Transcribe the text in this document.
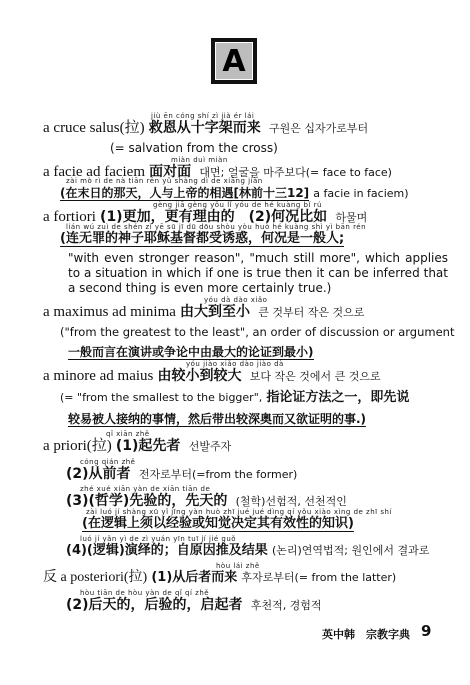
A
jiù ēn cóng shí zì jià ér lái
a cruce salus(拉) 救恩从十字架而来 구원은 십자가로부터
(= salvation from the cross)
miàn duì miàn
a facie ad faciem 面对面 대면; 얼굴을 마주보다(= face to face)
zài mò rì de nà tiān rén yǔ shàng dì de xiāng jiàn
(在末日的那天，人与上帝的相遇[林前十三12] a facie in faciem)
gèng jiā gèng yǒu lǐ yóu de hé kuàng bǐ rú
a fortiori (1)更加，更有理由的　(2)何况比如 하물며
lián wú zuì de shén zǐ yē sū jī dū dōu shòu yòu huò hé kuàng shì yì bān rén
(连无罪的神子耶稣基督都受诱惑，何况是一般人;
"with even stronger reason", "much still more", which applies to a situation in which if one is true then it can be inferred that a second thing is even more certainly true.)
yóu dà dào xiǎo
a maximus ad minima 由大到至小 큰 것부터 작은 것으로
("from the greatest to the least", an order of discussion or argument
一般而言在演讲或争论中由最大的论证到最小)
yóu jiào xiǎo dào jiào dà
a minore ad maius 由较小到较大 보다 작은 것에서 큰 것으로
(= "from the smallest to the bigger", 指论证方法之一，即先说
较易被人接纳的事情，然后带出较深奥而又欲证明的事.)
qǐ xiān zhě
a priori(拉) (1)起先者 선발주자
cóng qián zhě
(2)从前者 전자로부터(=from the former)
zhé xué xiān yàn de xiān tiān de
(3)(哲学)先验的，先天的 (철학)선험적, 선천적인
zài luó jí shàng xū yǐ jīng yàn huò zhī jué jué dìng qí yǒu xiào xìng de zhī shí
(在逻辑上须以经验或知觉决定其有效性的知识)
luó jí yǎn yì de zì yuán yīn tuī jí jié guǒ
(4)(逻辑)演绎的；自原因推及结果 (논리)연역법적; 원인에서 결과로
hòu lái zhě
反 a posteriori(拉) (1)从后者而来 후자로부터(= from the latter)
hòu tiān de hòu yàn de qǐ qí zhě
(2)后天的，后验的，启起者 후천적, 경험적
英中韩　宗教字典 9
